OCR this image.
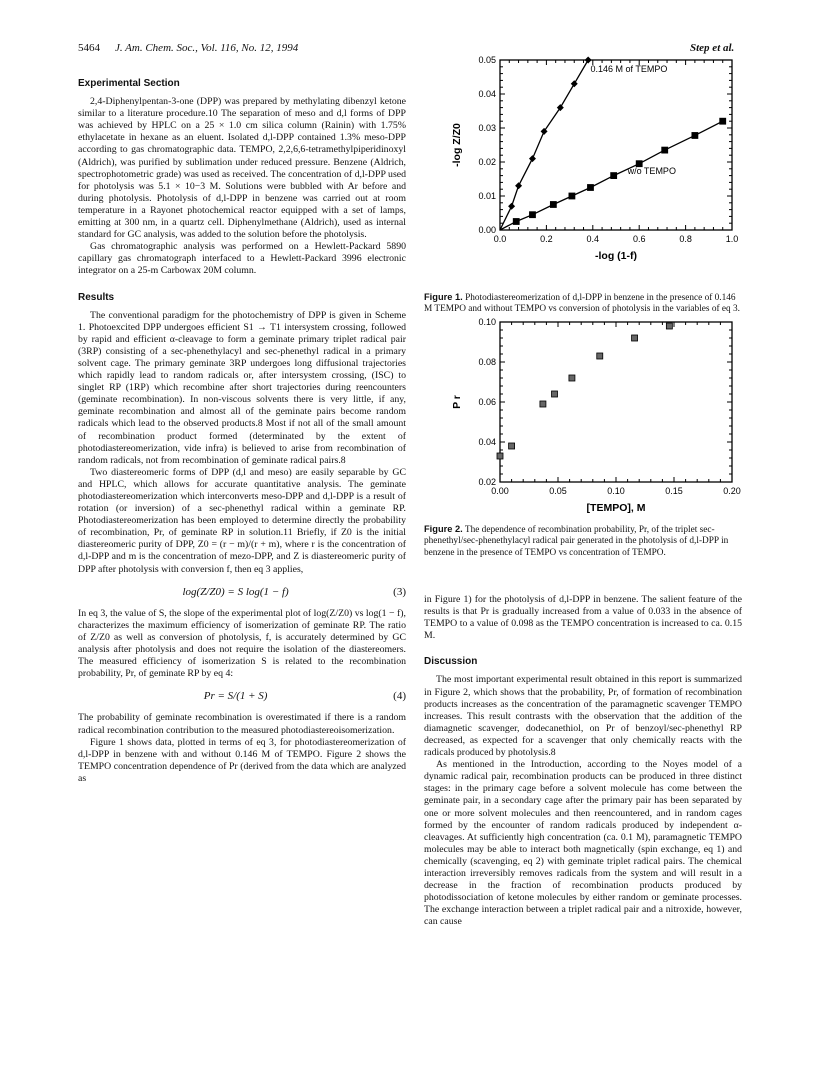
5464 J. Am. Chem. Soc., Vol. 116, No. 12, 1994	Step et al.
Experimental Section

2,4-Diphenylpentan-3-one (DPP) was prepared by methylating dibenzyl ketone similar to a literature procedure.10 The separation of meso and d,l forms of DPP was achieved by HPLC on a 25 × 1.0 cm silica column (Rainin) with 1.75% ethylacetate in hexane as an eluent. Isolated d,l-DPP contained 1.3% meso-DPP according to gas chromatographic data. TEMPO, 2,2,6,6-tetramethylpiperidinoxyl (Aldrich), was purified by sublimation under reduced pressure. Benzene (Aldrich, spectrophotometric grade) was used as received. The concentration of d,l-DPP used for photolysis was 5.1 × 10−3 M. Solutions were bubbled with Ar before and during photolysis. Photolysis of d,l-DPP in benzene was carried out at room temperature in a Rayonet photochemical reactor equipped with a set of lamps, emitting at 300 nm, in a quartz cell. Diphenylmethane (Aldrich), used as internal standard for GC analysis, was added to the solution before the photolysis.

Gas chromatographic analysis was performed on a Hewlett-Packard 5890 capillary gas chromatograph interfaced to a Hewlett-Packard 3996 electronic integrator on a 25-m Carbowax 20M column.

Results

The conventional paradigm for the photochemistry of DPP is given in Scheme 1. Photoexcited DPP undergoes efficient S1 → T1 intersystem crossing, followed by rapid and efficient α-cleavage to form a geminate primary triplet radical pair (3RP) consisting of a sec-phenethylacyl and sec-phenethyl radical in a primary solvent cage. The primary geminate 3RP undergoes long diffusional trajectories which rapidly lead to random radicals or, after intersystem crossing, (ISC) to singlet RP (1RP) which recombine after short trajectories during reencounters (geminate recombination). In non-viscous solvents there is very little, if any, geminate recombination and almost all of the geminate pairs become random radicals which lead to the observed products.8 Most if not all of the small amount of recombination product formed (determinated by the extent of photodiastereomerization, vide infra) is believed to arise from recombination of random radicals, not from recombination of geminate radical pairs.8

Two diastereomeric forms of DPP (d,l and meso) are easily separable by GC and HPLC, which allows for accurate quantitative analysis. The geminate photodiastereomerization which interconverts meso-DPP and d,l-DPP is a result of rotation (or inversion) of a sec-phenethyl radical within a geminate RP. Photodiastereomerization has been employed to determine directly the probability of recombination, Pr, of geminate RP in solution.11 Briefly, if Z0 is the initial diastereomeric purity of DPP, Z0 = (r − m)/(r + m), where r is the concentration of d,l-DPP and m is the concentration of mezo-DPP, and Z is diastereomeric purity of DPP after photolysis with conversion f, then eq 3 applies,

log(Z/Z0) = S log(1 − f)	(3)

In eq 3, the value of S, the slope of the experimental plot of log(Z/Z0) vs log(1 − f), characterizes the maximum efficiency of isomerization of geminate RP. The ratio of Z/Z0 as well as conversion of photolysis, f, is accurately determined by GC analysis after photolysis and does not require the isolation of the diastereomers. The measured efficiency of isomerization S is related to the recombination probability, Pr, of geminate RP by eq 4:

Pr = S/(1 + S)	(4)

The probability of geminate recombination is overestimated if there is a random radical recombination contribution to the measured photodiastereoisomerization.

Figure 1 shows data, plotted in terms of eq 3, for photodiastereomerization of d,l-DPP in benzene with and without 0.146 M of TEMPO. Figure 2 shows the TEMPO concentration dependence of Pr (derived from the data which are analyzed as

0.0	0.2	0.4	0.6	0.8	1.0
0.00
0.01
0.02
0.03
0.04
0.05
-log (1-f)
-log Z/Z0
0.146 M of TEMPO
w/o TEMPO
Figure 1. Photodiastereomerization of d,l-DPP in benzene in the presence of 0.146 M TEMPO and without TEMPO vs conversion of photolysis in the variables of eq 3.
0.00	0.05	0.10	0.15	0.20
0.02
0.04
0.06
0.08
0.10
[TEMPO], M
P r
Figure 2. The dependence of recombination probability, Pr, of the triplet sec-phenethyl/sec-phenethylacyl radical pair generated in the photolysis of d,l-DPP in benzene in the presence of TEMPO vs concentration of TEMPO.

in Figure 1) for the photolysis of d,l-DPP in benzene. The salient feature of the results is that Pr is gradually increased from a value of 0.033 in the absence of TEMPO to a value of 0.098 as the TEMPO concentration is increased to ca. 0.15 M.

Discussion

The most important experimental result obtained in this report is summarized in Figure 2, which shows that the probability, Pr, of formation of recombination products increases as the concentration of the paramagnetic scavenger TEMPO increases. This result contrasts with the observation that the addition of the diamagnetic scavenger, dodecanethiol, on Pr of benzoyl/sec-phenethyl RP decreased, as expected for a scavenger that only chemically reacts with the radicals produced by photolysis.8

As mentioned in the Introduction, according to the Noyes model of a dynamic radical pair, recombination products can be produced in three distinct stages: in the primary cage before a solvent molecule has come between the geminate pair, in a secondary cage after the primary pair has been separated by one or more solvent molecules and then reencountered, and in random cages formed by the encounter of random radicals produced by independent α-cleavages. At sufficiently high concentration (ca. 0.1 M), paramagnetic TEMPO molecules may be able to interact both magnetically (spin exchange, eq 1) and chemically (scavenging, eq 2) with geminate triplet radical pairs. The chemical interaction irreversibly removes radicals from the system and will result in a decrease in the fraction of recombination products produced by photodissociation of ketone molecules by either random or geminate processes. The exchange interaction between a triplet radical pair and a nitroxide, however, can cause
